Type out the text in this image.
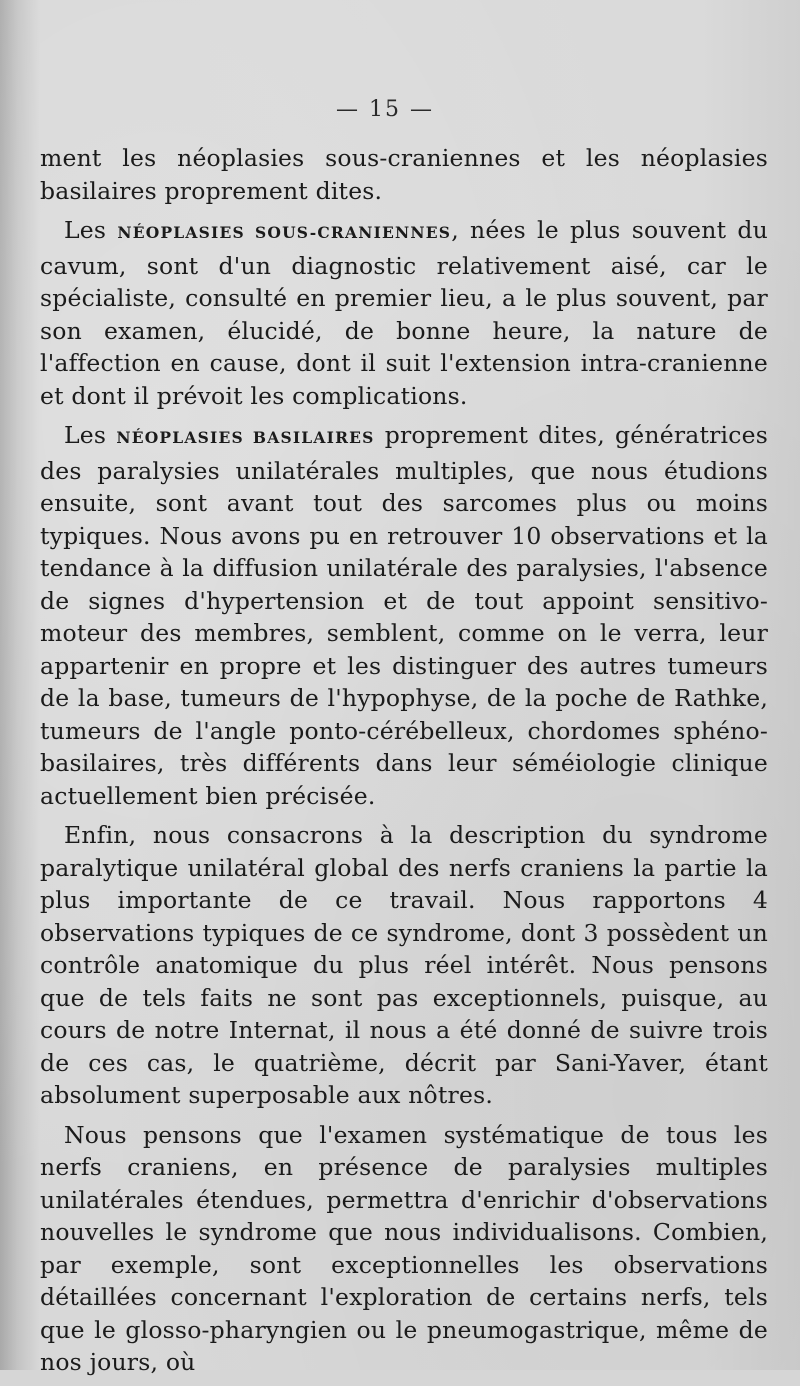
— 15 —

ment les néoplasies sous-craniennes et les néoplasies basilaires proprement dites.

Les NÉOPLASIES SOUS-CRANIENNES, nées le plus souvent du cavum, sont d'un diagnostic relativement aisé, car le spécialiste, consulté en premier lieu, a le plus souvent, par son examen, élucidé, de bonne heure, la nature de l'affection en cause, dont il suit l'extension intra-cranienne et dont il prévoit les complications.

Les NÉOPLASIES BASILAIRES proprement dites, génératrices des paralysies unilatérales multiples, que nous étudions ensuite, sont avant tout des sarcomes plus ou moins typiques. Nous avons pu en retrouver 10 observations et la tendance à la diffusion unilatérale des paralysies, l'absence de signes d'hypertension et de tout appoint sensitivo-moteur des membres, semblent, comme on le verra, leur appartenir en propre et les distinguer des autres tumeurs de la base, tumeurs de l'hypophyse, de la poche de Rathke, tumeurs de l'angle ponto-cérébelleux, chordomes sphéno-basilaires, très différents dans leur séméiologie clinique actuellement bien précisée.

Enfin, nous consacrons à la description du syndrome paralytique unilatéral global des nerfs craniens la partie la plus importante de ce travail. Nous rapportons 4 observations typiques de ce syndrome, dont 3 possèdent un contrôle anatomique du plus réel intérêt. Nous pensons que de tels faits ne sont pas exceptionnels, puisque, au cours de notre Internat, il nous a été donné de suivre trois de ces cas, le quatrième, décrit par Sani-Yaver, étant absolument superposable aux nôtres.

Nous pensons que l'examen systématique de tous les nerfs craniens, en présence de paralysies multiples unilatérales étendues, permettra d'enrichir d'observations nouvelles le syndrome que nous individualisons. Combien, par exemple, sont exceptionnelles les observations détaillées concernant l'exploration de certains nerfs, tels que le glosso-pharyngien ou le pneumogastrique, même de nos jours, où
